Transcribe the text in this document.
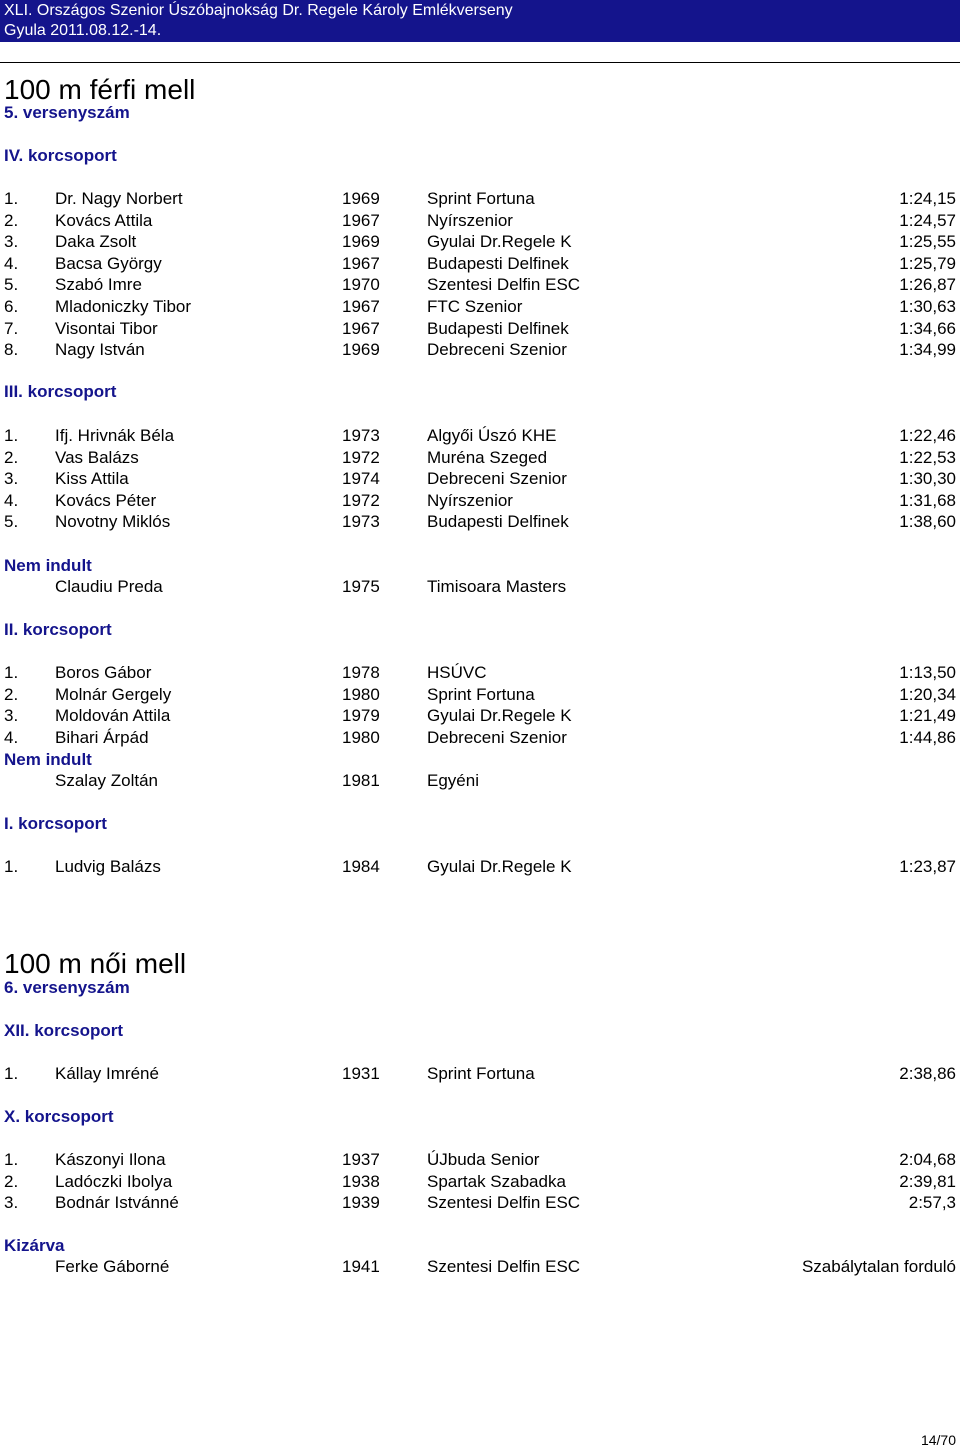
XLI. Országos Szenior Úszóbajnokság Dr. Regele Károly Emlékverseny
Gyula 2011.08.12.-14.
100 m férfi mell
5. versenyszám
IV. korcsoport
1. Dr. Nagy Norbert	1969	Sprint Fortuna	1:24,15
2. Kovács Attila	1967	Nyírszenior	1:24,57
3. Daka Zsolt	1969	Gyulai Dr.Regele K	1:25,55
4. Bacsa György	1967	Budapesti Delfinek	1:25,79
5. Szabó Imre	1970	Szentesi Delfin ESC	1:26,87
6. Mladoniczky Tibor	1967	FTC Szenior	1:30,63
7. Visontai Tibor	1967	Budapesti Delfinek	1:34,66
8. Nagy István	1969	Debreceni Szenior	1:34,99
III. korcsoport
1. Ifj. Hrivnák Béla	1973	Algyői Úszó KHE	1:22,46
2. Vas Balázs	1972	Muréna Szeged	1:22,53
3. Kiss Attila	1974	Debreceni Szenior	1:30,30
4. Kovács Péter	1972	Nyírszenior	1:31,68
5. Novotny Miklós	1973	Budapesti Delfinek	1:38,60
Nem indult
Claudiu Preda	1975	Timisoara Masters
II. korcsoport
1. Boros Gábor	1978	HSÚVC	1:13,50
2. Molnár Gergely	1980	Sprint Fortuna	1:20,34
3. Moldován Attila	1979	Gyulai Dr.Regele K	1:21,49
4. Bihari Árpád	1980	Debreceni Szenior	1:44,86
Nem indult
Szalay Zoltán	1981	Egyéni
I. korcsoport
1. Ludvig Balázs	1984	Gyulai Dr.Regele K	1:23,87
100 m női mell
6. versenyszám
XII. korcsoport
1. Kállay Imréné	1931	Sprint Fortuna	2:38,86
X. korcsoport
1. Kászonyi Ilona	1937	ÚJbuda Senior	2:04,68
2. Ladóczki Ibolya	1938	Spartak Szabadka	2:39,81
3. Bodnár Istvánné	1939	Szentesi Delfin ESC	2:57,3
Kizárva
Ferke Gáborné	1941	Szentesi Delfin ESC	Szabálytalan forduló
14/70
